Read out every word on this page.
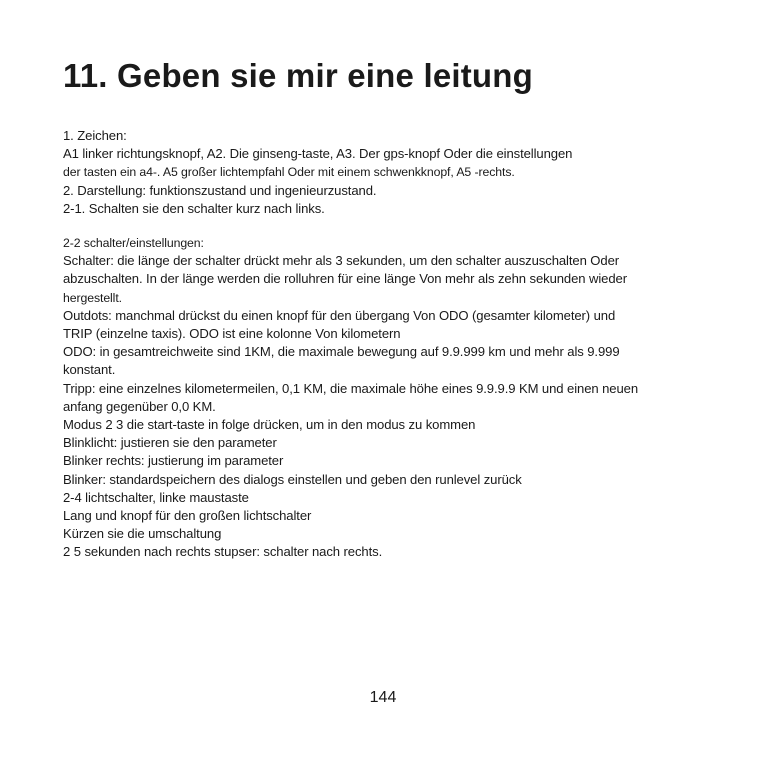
11. Geben sie mir eine leitung
1. Zeichen:
A1 linker richtungsknopf, A2. Die ginseng-taste, A3. Der gps-knopf Oder die einstellungen
der tasten ein a4-. A5 großer lichtempfahl Oder mit einem schwenkknopf, A5 -rechts.
2. Darstellung: funktionszustand und ingenieurzustand.
2-1. Schalten sie den schalter kurz nach links.
2-2 schalter/einstellungen:
Schalter: die länge der schalter drückt mehr als 3 sekunden, um den schalter auszuschalten Oder
abzuschalten. In der länge werden die rolluhren für eine länge Von mehr als zehn sekunden wieder
hergestellt.
Outdots: manchmal drückst du einen knopf für den übergang Von ODO (gesamter kilometer) und
TRIP (einzelne taxis). ODO ist eine kolonne Von kilometern
ODO: in gesamtreichweite sind 1KM, die maximale bewegung auf 9.9.999 km und mehr als 9.999
konstant.
Tripp: eine einzelnes kilometermeilen, 0,1 KM, die maximale höhe eines 9.9.9.9 KM und einen neuen
anfang gegenüber 0,0 KM.
Modus 2 3 die start-taste in folge drücken, um in den modus zu kommen
Blinklicht: justieren sie den parameter
Blinker rechts: justierung im parameter
Blinker: standardspeichern des dialogs einstellen und geben den runlevel zurück
2-4 lichtschalter, linke maustaste
Lang und knopf für den großen lichtschalter
Kürzen sie die umschaltung
2 5 sekunden nach rechts stupser: schalter nach rechts.
144
